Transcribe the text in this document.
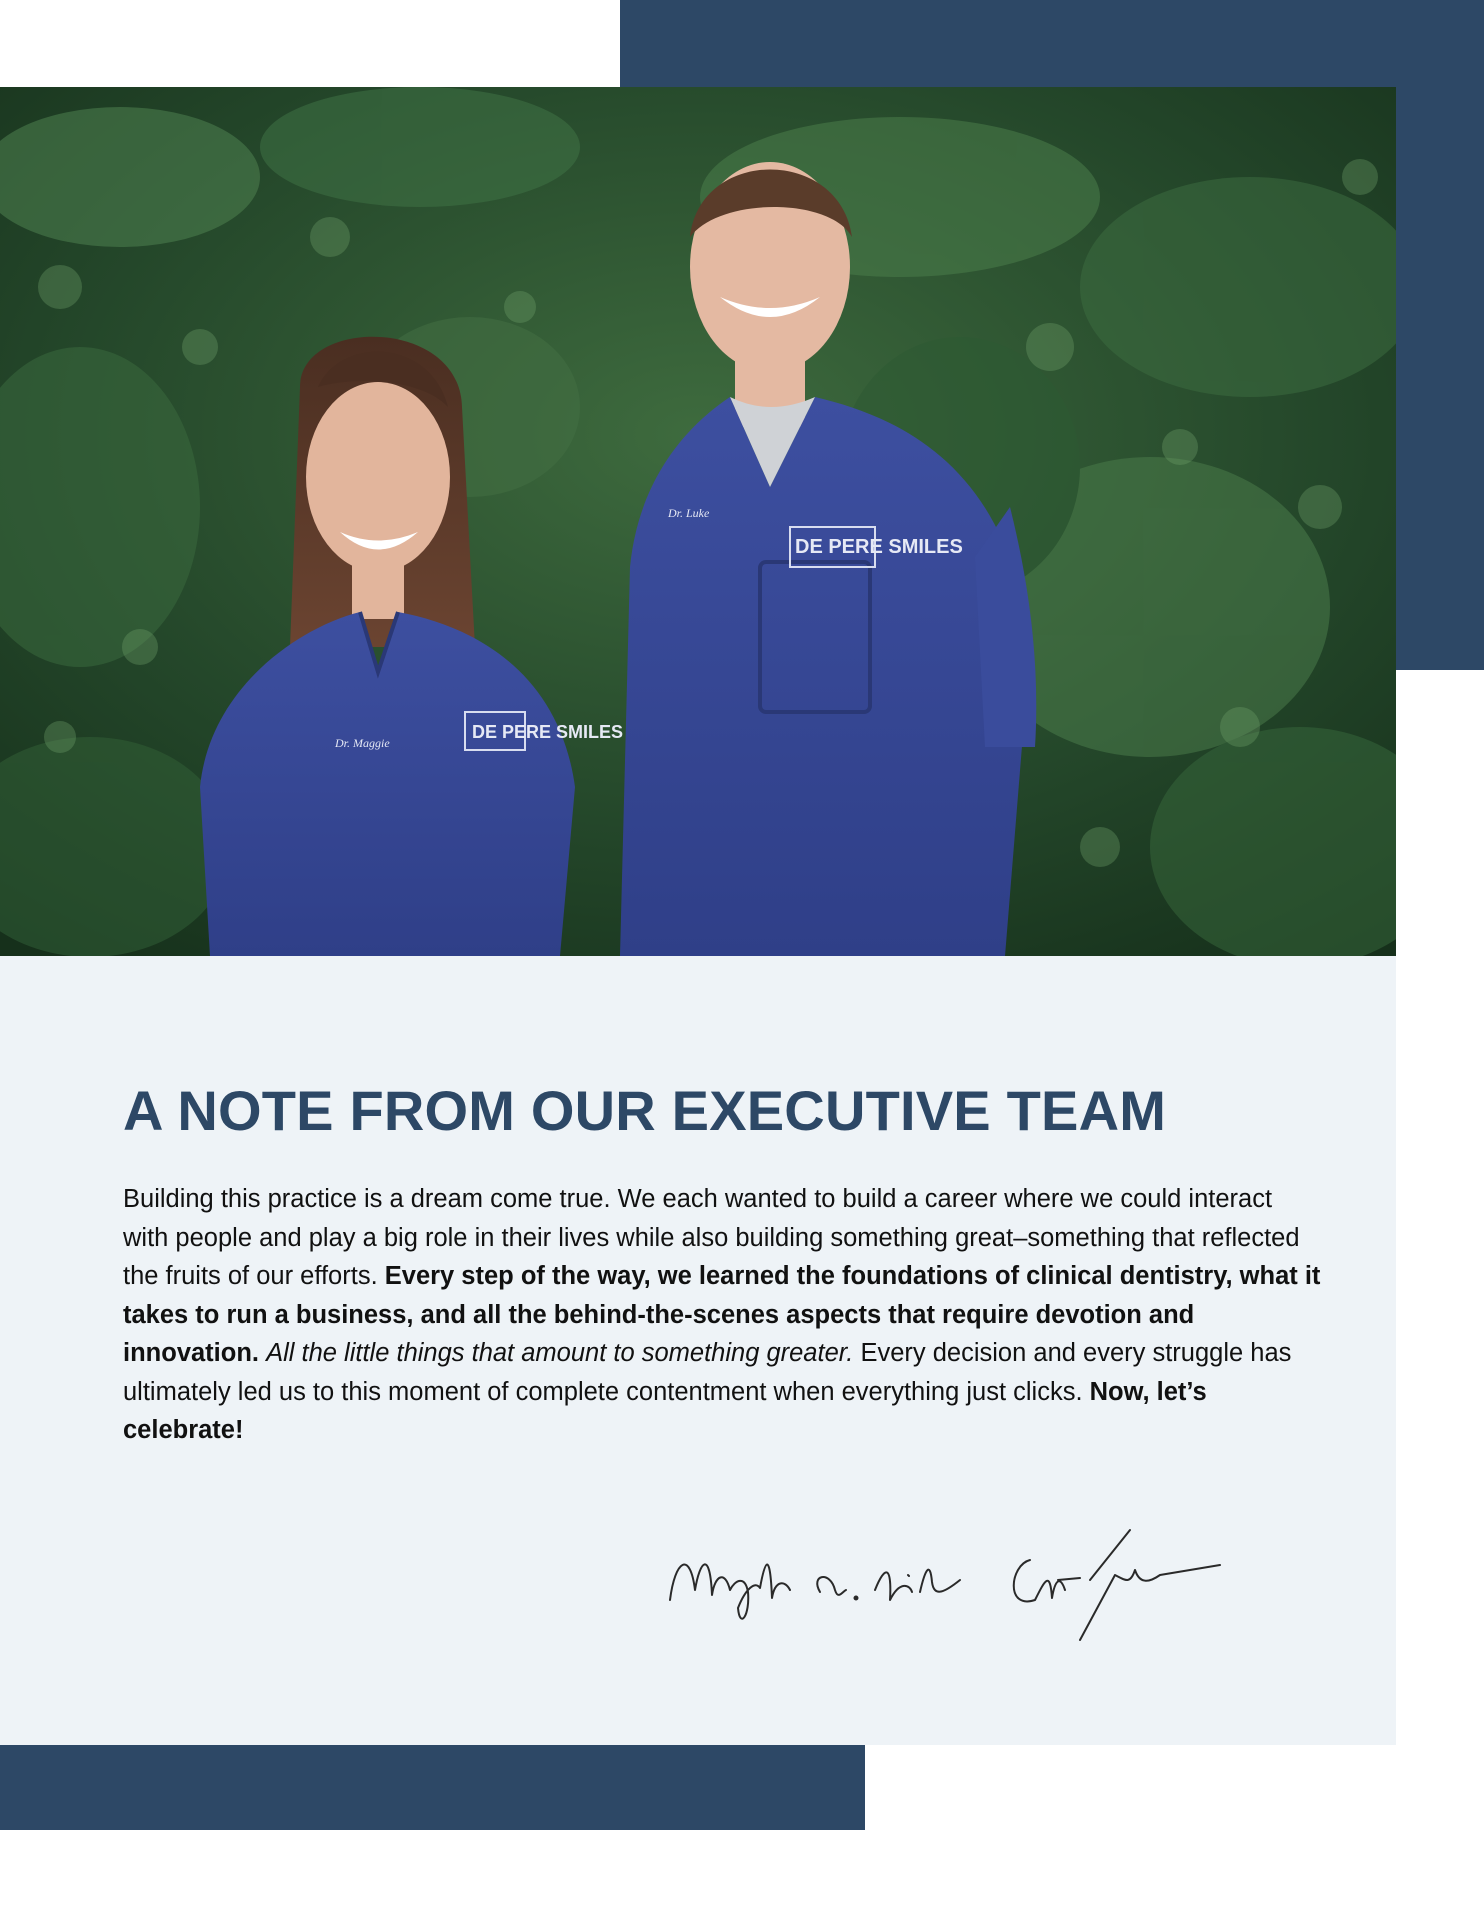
DE PERE SMILES
Dr. Maggie
DE PERE SMILES
Dr. Luke
A NOTE FROM OUR EXECUTIVE TEAM

Building this practice is a dream come true. We each wanted to build a career where we could interact with people and play a big role in their lives while also building something great–something that reflected the fruits of our efforts. Every step of the way, we learned the foundations of clinical dentistry, what it takes to run a business, and all the behind-the-scenes aspects that require devotion and innovation. All the little things that amount to something greater. Every decision and every struggle has ultimately led us to this moment of complete contentment when everything just clicks. Now, let’s celebrate!
